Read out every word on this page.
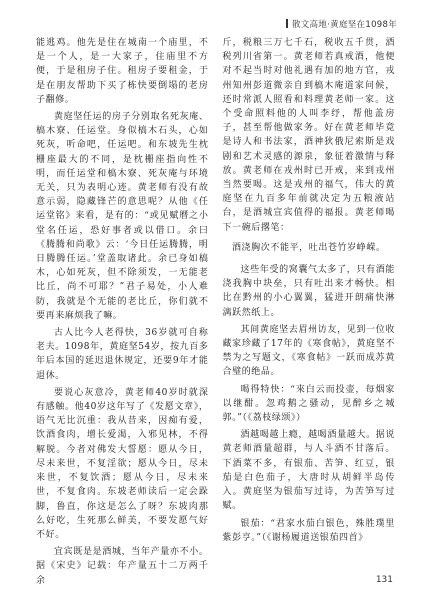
散文高地·黄庭坚在1098年

能逃鸡。他先是住在城南一个庙里，不是一个人，是一大家子，住庙里不方便，于是租房子住。租房子要租金，于是在朋友帮助下买了栋快要倒塌的老房子翻修。

黄庭坚任运的房子分别取名死灰庵、槁木寮、任运堂。身似槁木石头，心如死灰，听命吧，任运吧。和东坡先生枕栅座最大的不同，是枕栅座指向性不明，而任运堂和槁木寮、死灰庵与环境无关，只为表明心迹。黄老师有没有故意示弱，隐藏锋芒的意思呢？从他《任运堂铭》来看，是有的：“或见赋曆之小堂名任运，恐好事者或以借口。余曰《腾腾和尚歌》云：‘今日任运腾腾，明日腾腾任运。’堂盖取诸此。余已身如槁木，心如死灰，但不除须发，一无能老比丘，尚不可耶？”君子易处，小人难防，我就是个无能的老比丘，你们就不要再来麻烦我了嘛。

古人比今人老得快，36岁就可自称老夫。1098年，黄庭坚54岁，按九百多年后本国的延迟退休规定，还要9年才能退休。

要说心灰意冷，黄老师40岁时就深有感触。他40岁这年写了《发愿文章》，语气无比沉重：我从昔来，因痴有爱，饮酒食肉，增长爱渴，入邪见林，不得解脱。今者对佛发大誓愿：愿从今日，尽未来世，不复淫欲；愿从今日，尽未来世，不复饮酒；愿从今日，尽未来世，不复食肉。东坡老师读后一定会跺脚，鲁直，你这是怎么了呀？东坡肉那么好吃，生死那么鲜美，不要发愿气好不好。

宜宾既是是酒城，当年产量亦不小。据《宋史》记载：年产量五十二万两千余

斤，税粮三万七千石，税收五千贯，酒税列川省第一。黄老师若真戒酒，他便对不起当时对他礼遇有加的地方官，戎州知州彭道微亲自到槁木庵道家问候，还时常派人照看和料理黄老师一家。这个受命照料他的人叫李纾，帮他盖房子，甚至帮他做家务。好在黄老师毕竟是诗人和书法家，酒神狄俄尼索斯是戏剧和艺术灵感的源泉，象征着激情与释放。黄老师在戎州时已开戒，来到戎州当然要喝。这是戎州的福气，伟大的黄庭坚在九百多年前就决定为五粮液站台，是酒城宣宾值得的福报。黄老师喝下一碗后撂笔：

酒浇胸次不能平，吐出苍竹岁峥嵘。

这些年受的窝囊气太多了，只有酒能浇我胸中块垒，只有吐出来才畅快。相比在黔州的小心翼翼，猛进开朗痛快淋漓跃然纸上。

其间黄庭坚去眉州访友，见到一位收藏家珍藏了17年的《寒食帖》，黄庭坚不禁为之写题文，《寒食帖》一跃而成苏黄合璧的绝品。

喝得特快：“來白云而投壶，每烟家以继酣。忽鸡鹅之骚动，见醉乡之城郭。”（《荔枝绿颂》）

酒越喝越上瘾，越喝酒量越大。据说黄老师酒量超群，与人斗酒不甘落后。下酒菜不多，有银茄、苦笋、红豆，银茄是白色茄子，大唐时从胡鲜半岛传入。黄庭坚为银茄写过诗，为苦笋写过赋。

银茄：“君家水茄白银色，殊胜璞里紫彭亨。”（《谢杨履道送银茄四首》

131
